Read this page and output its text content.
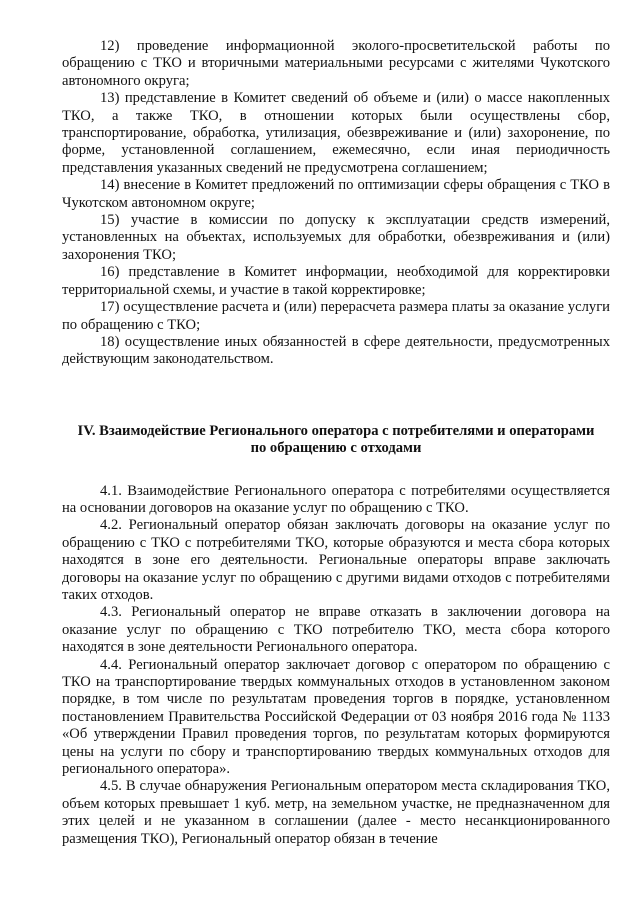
12) проведение информационной эколого-просветительской работы по обращению с ТКО и вторичными материальными ресурсами с жителями Чукотского автономного округа;

13) представление в Комитет сведений об объеме и (или) о массе накопленных ТКО, а также ТКО, в отношении которых были осуществлены сбор, транспортирование, обработка, утилизация, обезвреживание и (или) захоронение, по форме, установленной соглашением, ежемесячно, если иная периодичность представления указанных сведений не предусмотрена соглашением;

14) внесение в Комитет предложений по оптимизации сферы обращения с ТКО в Чукотском автономном округе;

15) участие в комиссии по допуску к эксплуатации средств измерений, установленных на объектах, используемых для обработки, обезвреживания и (или) захоронения ТКО;

16) представление в Комитет информации, необходимой для корректировки территориальной схемы, и участие в такой корректировке;

17) осуществление расчета и (или) перерасчета размера платы за оказание услуги по обращению с ТКО;

18) осуществление иных обязанностей в сфере деятельности, предусмотренных действующим законодательством.

IV. Взаимодействие Регионального оператора с потребителями и операторами

по обращению с отходами

4.1. Взаимодействие Регионального оператора с потребителями осуществляется на основании договоров на оказание услуг по обращению с ТКО.

4.2. Региональный оператор обязан заключать договоры на оказание услуг по обращению с ТКО с потребителями ТКО, которые образуются и места сбора которых находятся в зоне его деятельности. Региональные операторы вправе заключать договоры на оказание услуг по обращению с другими видами отходов с потребителями таких отходов.

4.3. Региональный оператор не вправе отказать в заключении договора на оказание услуг по обращению с ТКО потребителю ТКО, места сбора которого находятся в зоне деятельности Регионального оператора.

4.4. Региональный оператор заключает договор с оператором по обращению с ТКО на транспортирование твердых коммунальных отходов в установленном законом порядке, в том числе по результатам проведения торгов в порядке, установленном постановлением Правительства Российской Федерации от 03 ноября 2016 года № 1133 «Об утверждении Правил проведения торгов, по результатам которых формируются цены на услуги по сбору и транспортированию твердых коммунальных отходов для регионального оператора».

4.5. В случае обнаружения Региональным оператором места складирования ТКО, объем которых превышает 1 куб. метр, на земельном участке, не предназначенном для этих целей и не указанном в соглашении (далее - место несанкционированного размещения ТКО), Региональный оператор обязан в течение
